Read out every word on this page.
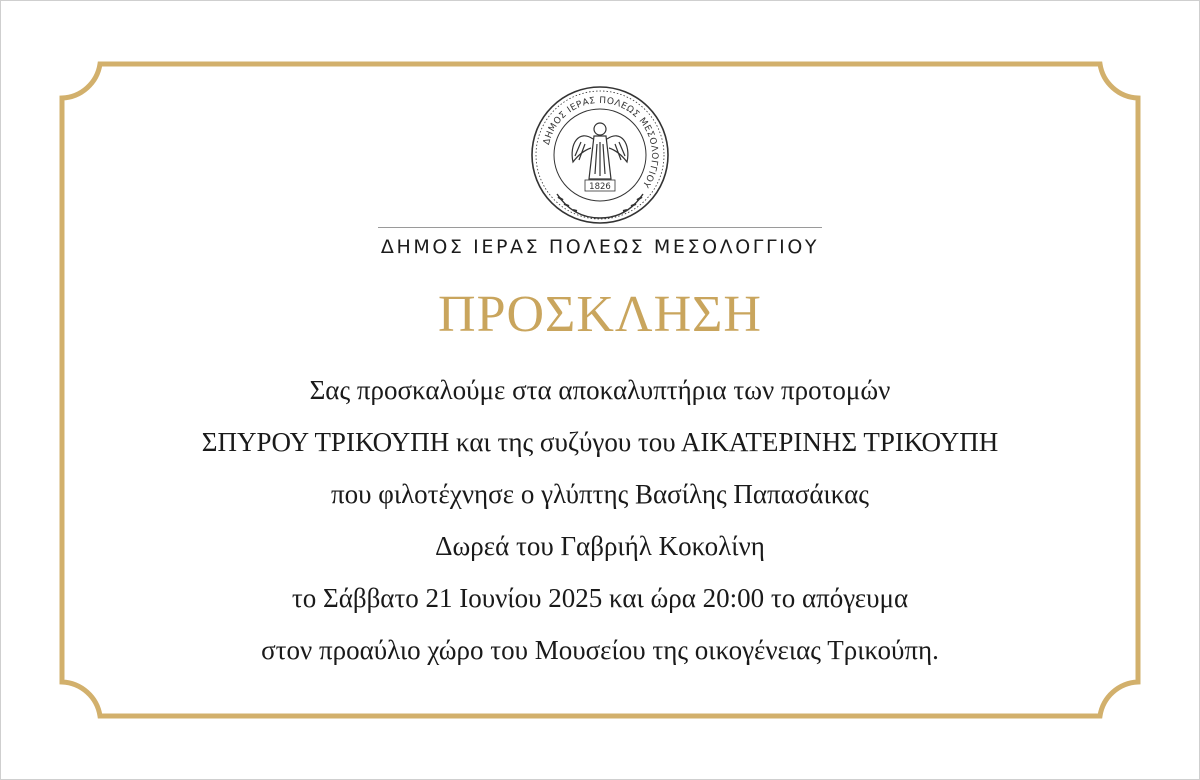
ΔΗΜΟΣ ΙΕΡΑΣ ΠΟΛΕΩΣ ΜΕΣΟΛΟΓΓΙΟΥ
1826
ΔΗΜΟΣ ΙΕΡΑΣ ΠΟΛΕΩΣ ΜΕΣΟΛΟΓΓΙΟΥ
ΠΡΟΣΚΛΗΣΗ
Σας προσκαλούμε στα αποκαλυπτήρια των προτομών
ΣΠΥΡΟΥ ΤΡΙΚΟΥΠΗ και της συζύγου του ΑΙΚΑΤΕΡΙΝΗΣ ΤΡΙΚΟΥΠΗ
που φιλοτέχνησε ο γλύπτης Βασίλης Παπασάικας
Δωρεά του Γαβριήλ Κοκολίνη
το Σάββατο 21 Ιουνίου 2025 και ώρα 20:00 το απόγευμα
στον προαύλιο χώρο του Μουσείου της οικογένειας Τρικούπη.
